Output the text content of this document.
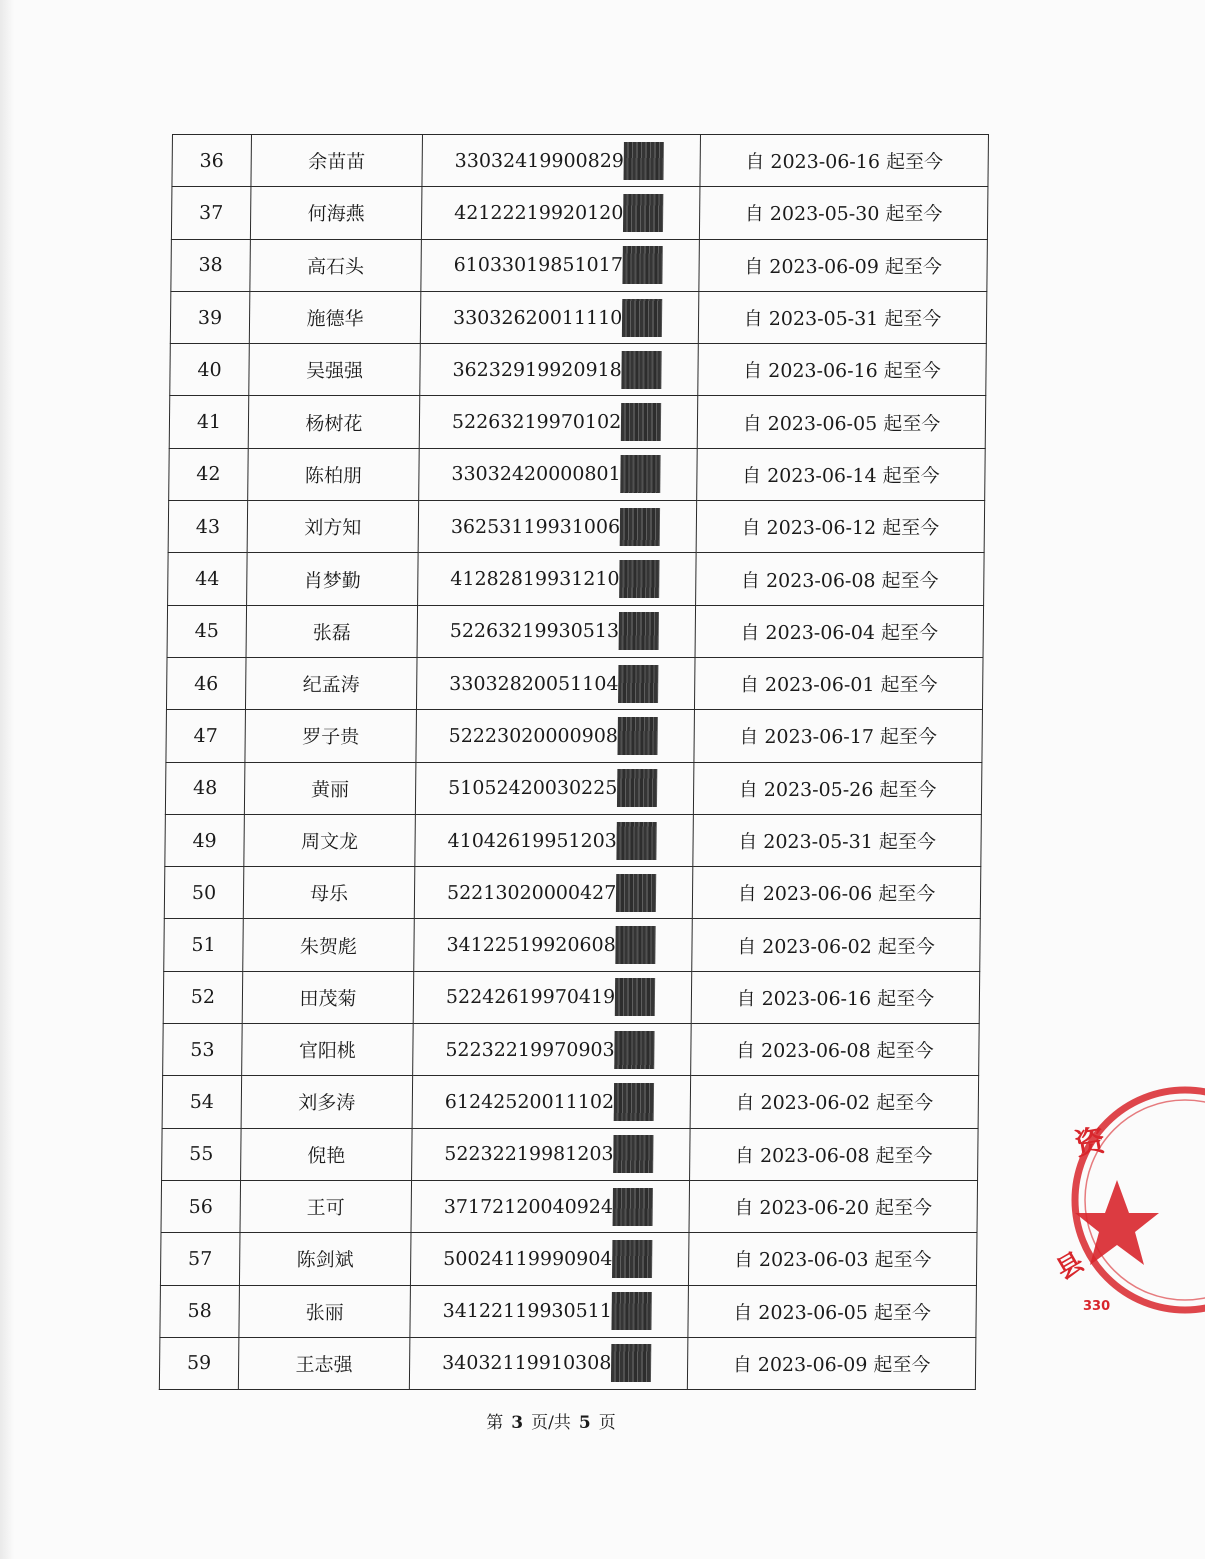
36	余苗苗	33032419900829	自 2023-06-16 起至今
37	何海燕	42122219920120	自 2023-05-30 起至今
38	高石头	61033019851017	自 2023-06-09 起至今
39	施德华	33032620011110	自 2023-05-31 起至今
40	吴强强	36232919920918	自 2023-06-16 起至今
41	杨树花	52263219970102	自 2023-06-05 起至今
42	陈柏朋	33032420000801	自 2023-06-14 起至今
43	刘方知	36253119931006	自 2023-06-12 起至今
44	肖梦勤	41282819931210	自 2023-06-08 起至今
45	张磊	52263219930513	自 2023-06-04 起至今
46	纪孟涛	33032820051104	自 2023-06-01 起至今
47	罗子贵	52223020000908	自 2023-06-17 起至今
48	黄丽	51052420030225	自 2023-05-26 起至今
49	周文龙	41042619951203	自 2023-05-31 起至今
50	母乐	52213020000427	自 2023-06-06 起至今
51	朱贺彪	34122519920608	自 2023-06-02 起至今
52	田茂菊	52242619970419	自 2023-06-16 起至今
53	官阳桃	52232219970903	自 2023-06-08 起至今
54	刘多涛	61242520011102	自 2023-06-02 起至今
55	倪艳	52232219981203	自 2023-06-08 起至今
56	王可	37172120040924	自 2023-06-20 起至今
57	陈剑斌	50024119990904	自 2023-06-03 起至今
58	张丽	34122119930511	自 2023-06-05 起至今
59	王志强	34032119910308	自 2023-06-09 起至今
第 3 页/共 5 页
资
县
330
